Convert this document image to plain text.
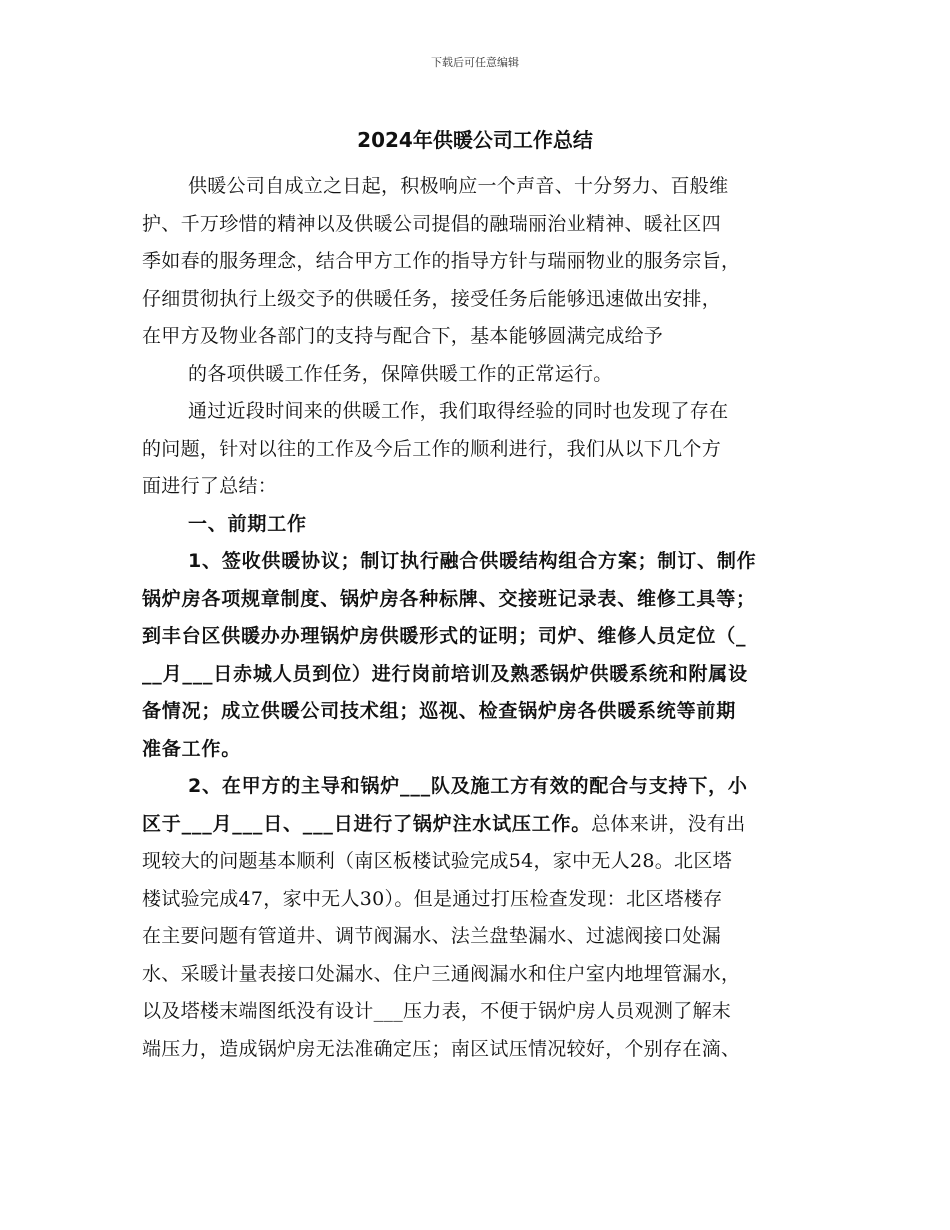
下载后可任意编辑
2024年供暖公司工作总结
供暖公司自成立之日起，积极响应一个声音、十分努力、百般维
护、千万珍惜的精神以及供暖公司提倡的融瑞丽治业精神、暖社区四
季如春的服务理念，结合甲方工作的指导方针与瑞丽物业的服务宗旨，
仔细贯彻执行上级交予的供暖任务，接受任务后能够迅速做出安排，
在甲方及物业各部门的支持与配合下，基本能够圆满完成给予
的各项供暖工作任务，保障供暖工作的正常运行。
通过近段时间来的供暖工作，我们取得经验的同时也发现了存在
的问题，针对以往的工作及今后工作的顺利进行，我们从以下几个方
面进行了总结：
一、前期工作
1、签收供暖协议；制订执行融合供暖结构组合方案；制订、制作
锅炉房各项规章制度、锅炉房各种标牌、交接班记录表、维修工具等；
到丰台区供暖办办理锅炉房供暖形式的证明；司炉、维修人员定位（_
__月___日赤城人员到位）进行岗前培训及熟悉锅炉供暖系统和附属设
备情况；成立供暖公司技术组；巡视、检查锅炉房各供暖系统等前期
准备工作。
2、在甲方的主导和锅炉___队及施工方有效的配合与支持下，小
区于___月___日、___日进行了锅炉注水试压工作。总体来讲，没有出
现较大的问题基本顺利（南区板楼试验完成54，家中无人28。北区塔
楼试验完成47，家中无人30）。但是通过打压检查发现：北区塔楼存
在主要问题有管道井、调节阀漏水、法兰盘垫漏水、过滤阀接口处漏
水、采暖计量表接口处漏水、住户三通阀漏水和住户室内地埋管漏水，
以及塔楼末端图纸没有设计___压力表，不便于锅炉房人员观测了解末
端压力，造成锅炉房无法准确定压；南区试压情况较好，个别存在滴、
